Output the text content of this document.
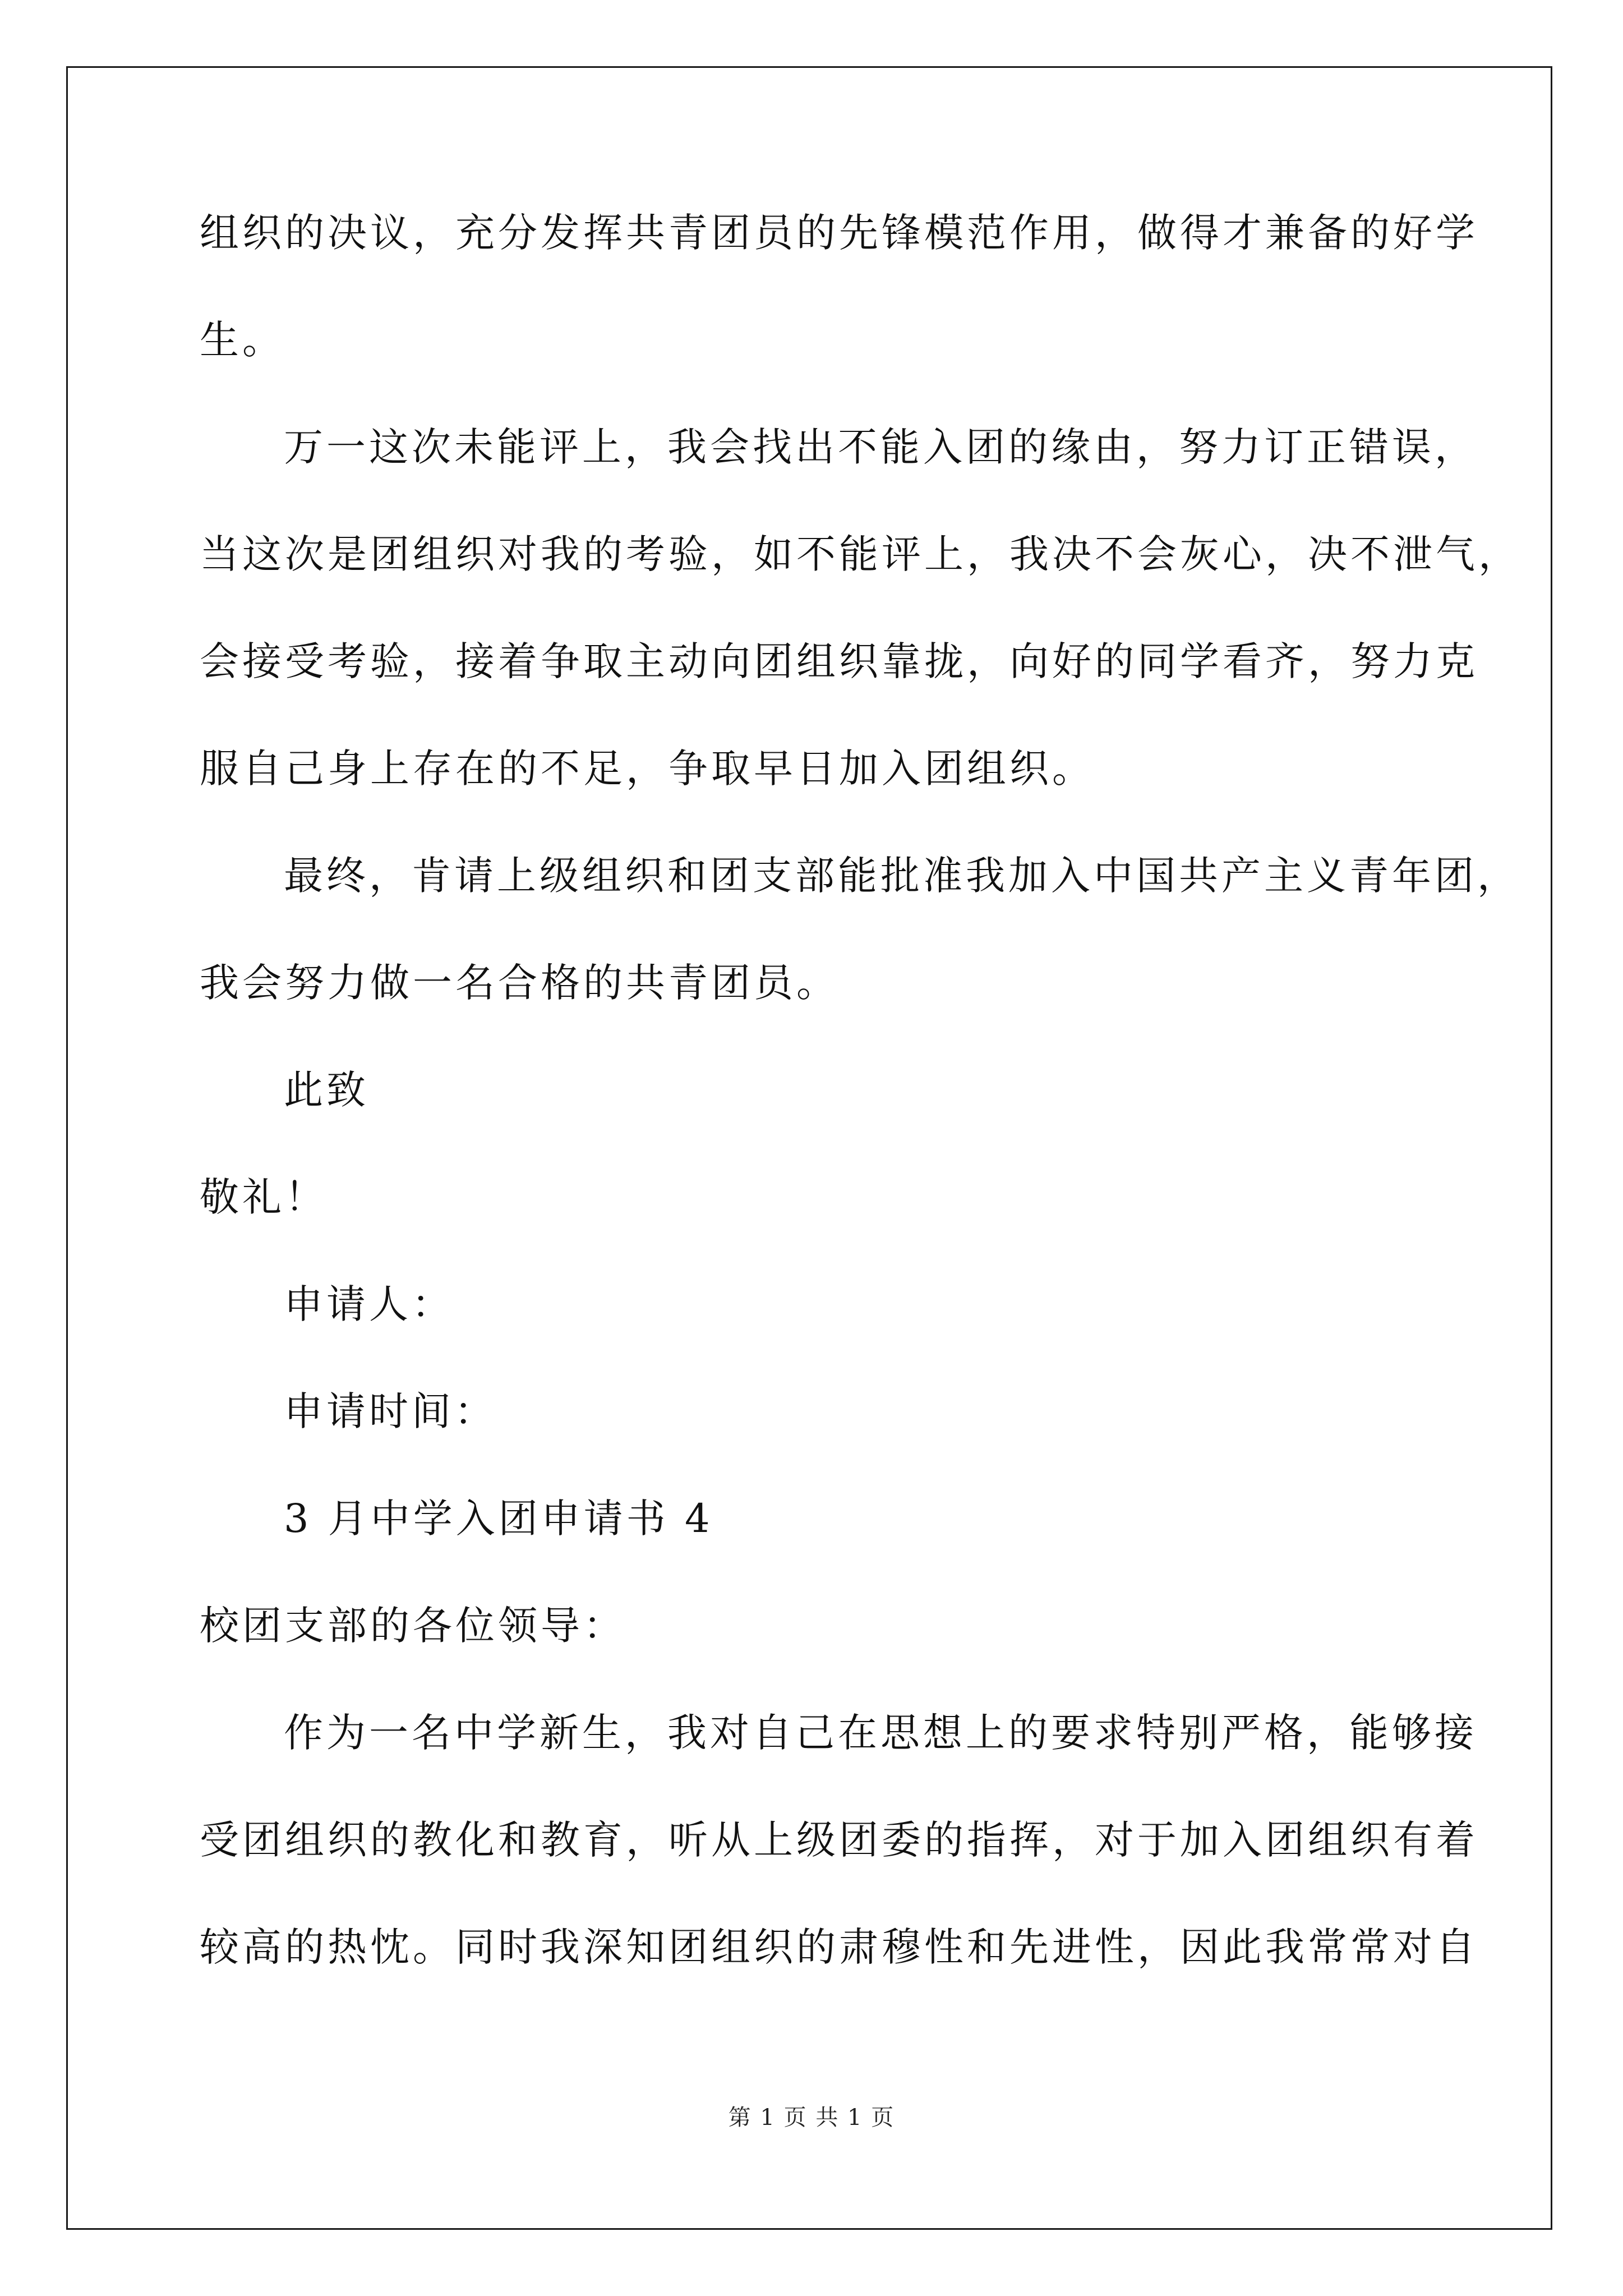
组织的决议，充分发挥共青团员的先锋模范作用，做得才兼备的好学
生。
万一这次未能评上，我会找出不能入团的缘由，努力订正错误，
当这次是团组织对我的考验，如不能评上，我决不会灰心，决不泄气，
会接受考验，接着争取主动向团组织靠拢，向好的同学看齐，努力克
服自己身上存在的不足，争取早日加入团组织。
最终，肯请上级组织和团支部能批准我加入中国共产主义青年团，
我会努力做一名合格的共青团员。
此致
敬礼！
申请人：
申请时间：
3 月中学入团申请书 4
校团支部的各位领导：
作为一名中学新生，我对自己在思想上的要求特别严格，能够接
受团组织的教化和教育，听从上级团委的指挥，对于加入团组织有着
较高的热忱。同时我深知团组织的肃穆性和先进性，因此我常常对自
第 1 页 共 1 页
